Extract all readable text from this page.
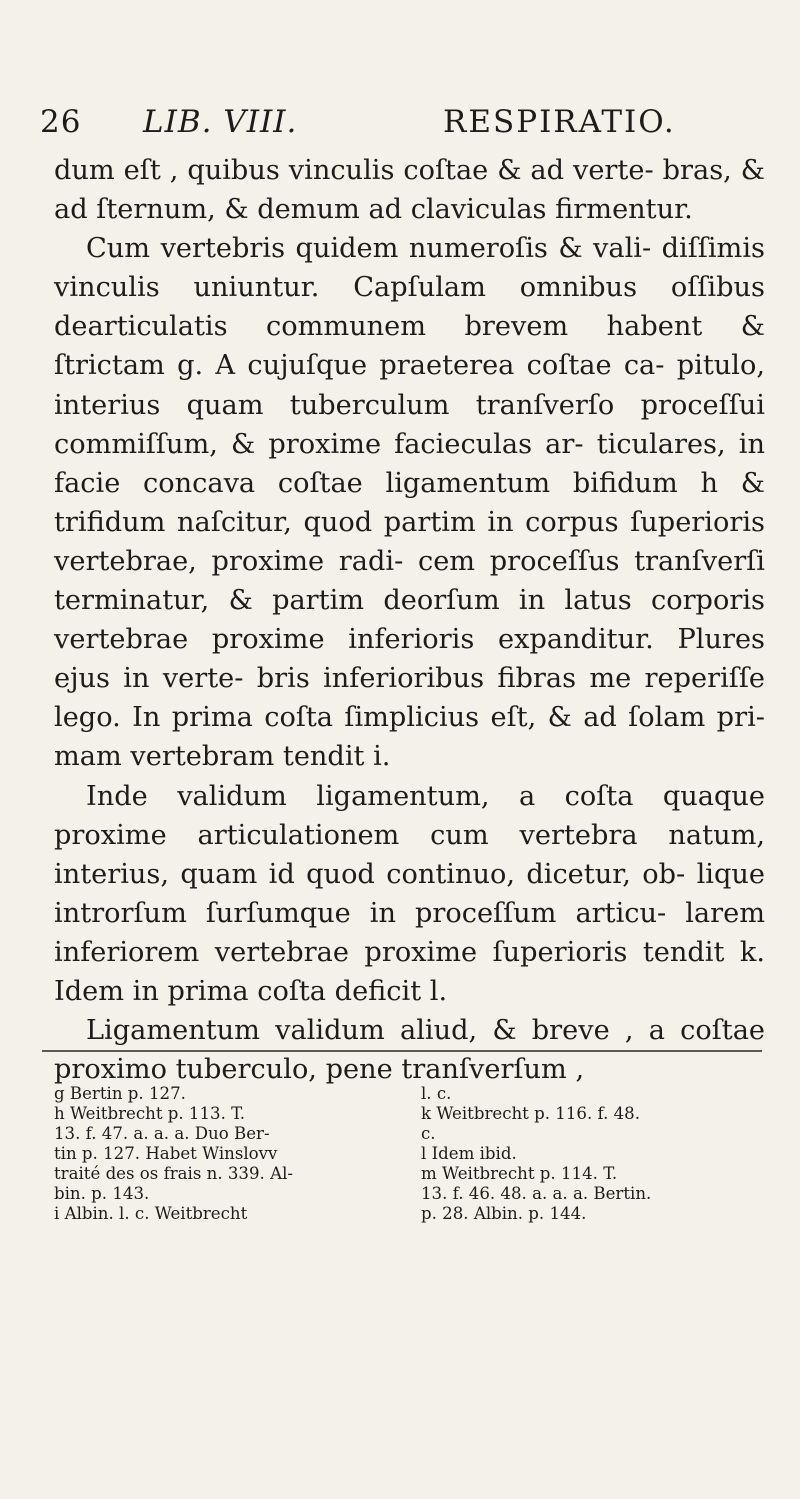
26 LIB. VIII.	RESPIRATIO.

dum eſt , quibus vinculis coſtae & ad verte- bras, & ad ſternum, & demum ad claviculas firmentur.

Cum vertebris quidem numeroſis & vali- diſſimis vinculis uniuntur. Capſulam omnibus oſſibus dearticulatis communem brevem habent & ſtrictam g. A cujuſque praeterea coſtae ca- pitulo, interius quam tuberculum tranſverſo proceſſui commiſſum, & proxime facieculas ar- ticulares, in facie concava coſtae ligamentum bifidum h & trifidum naſcitur, quod partim in corpus ſuperioris vertebrae, proxime radi- cem proceſſus tranſverſi terminatur, & partim deorſum in latus corporis vertebrae proxime inferioris expanditur. Plures ejus in verte- bris inferioribus fibras me reperiſſe lego. In prima coſta ſimplicius eſt, & ad ſolam pri- mam vertebram tendit i.

Inde validum ligamentum, a coſta quaque proxime articulationem cum vertebra natum, interius, quam id quod continuo, dicetur, ob- lique introrſum ſurſumque in proceſſum articu- larem inferiorem vertebrae proxime ſuperioris tendit k. Idem in prima coſta deficit l.

Ligamentum validum aliud, & breve , a coſtae proximo tuberculo, pene tranſverſum ,

g Bertin p. 127.
h Weitbrecht p. 113. T.
13. f. 47. a. a. a. Duo Ber-
tin p. 127. Habet Winslovv
traité des os frais n. 339. Al-
bin. p. 143.
i Albin. l. c. Weitbrecht
l. c.
k Weitbrecht p. 116. f. 48.
c.
l Idem ibid.
m Weitbrecht p. 114. T.
13. f. 46. 48. a. a. a. Bertin.
p. 28. Albin. p. 144.
